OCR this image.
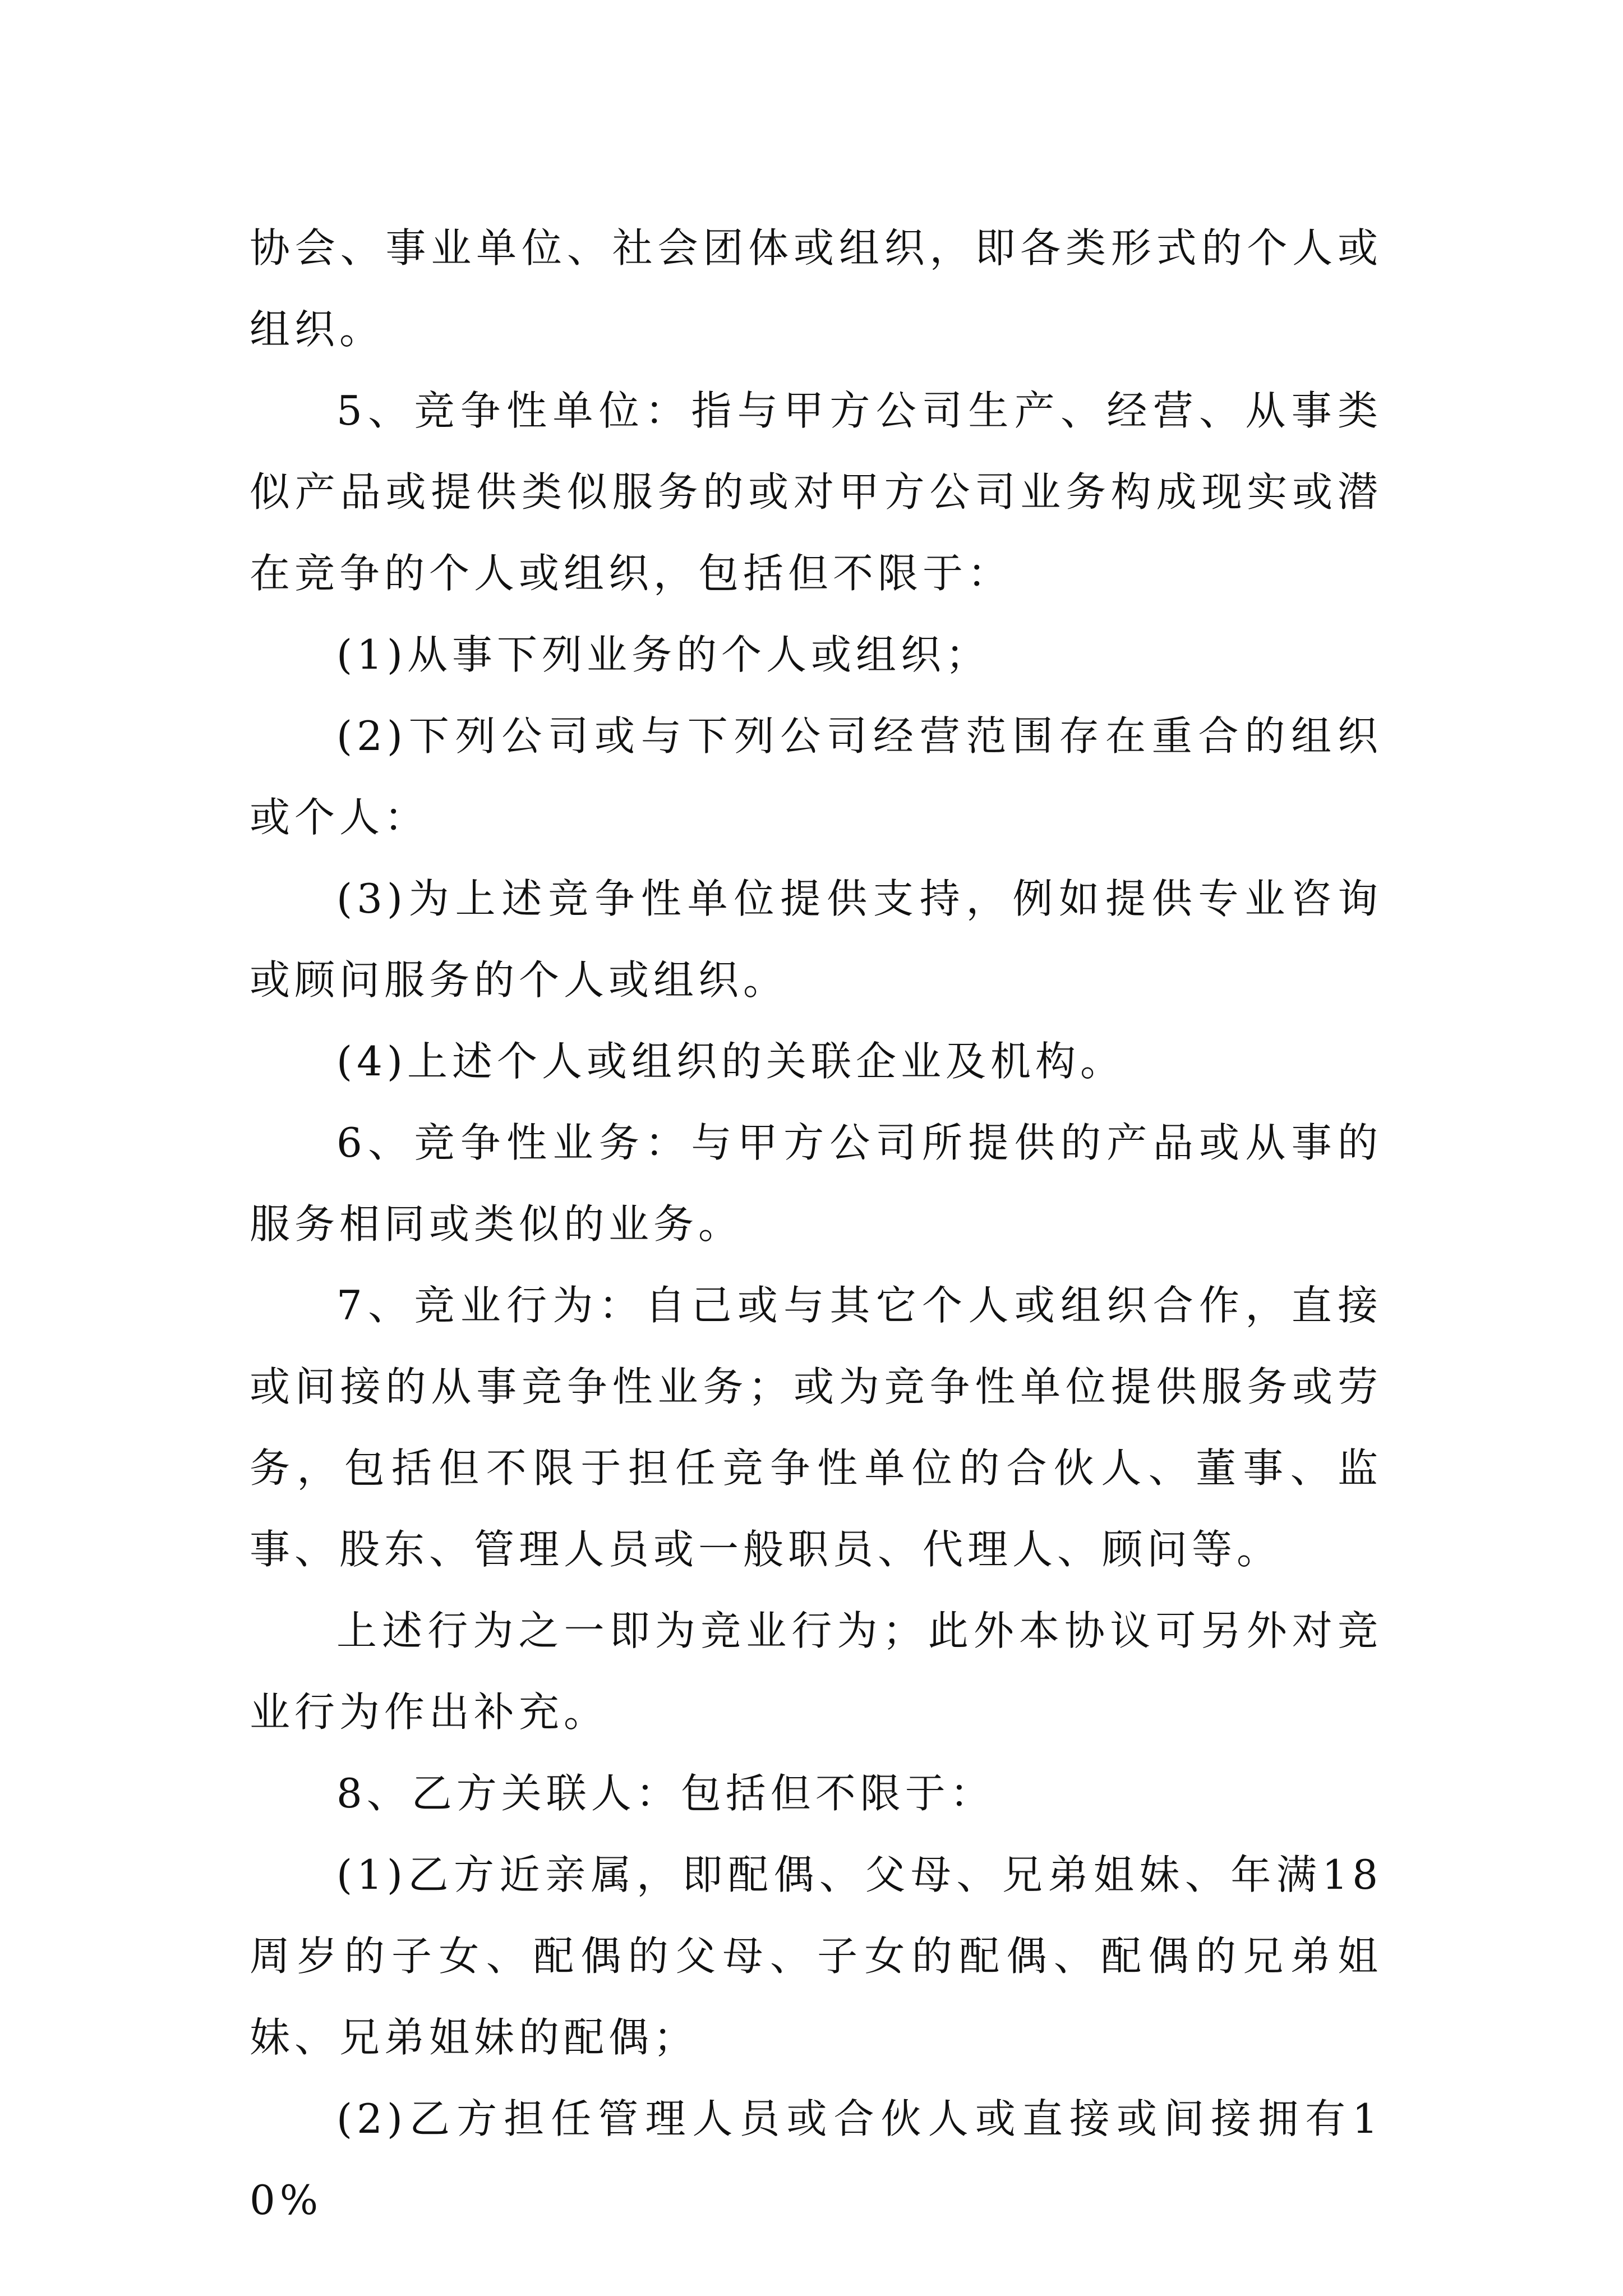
协会、事业单位、社会团体或组织，即各类形式的个人或组织。

5、竞争性单位：指与甲方公司生产、经营、从事类似产品或提供类似服务的或对甲方公司业务构成现实或潜在竞争的个人或组织，包括但不限于：

(1)从事下列业务的个人或组织；

(2)下列公司或与下列公司经营范围存在重合的组织或个人：

(3)为上述竞争性单位提供支持，例如提供专业咨询或顾问服务的个人或组织。

(4)上述个人或组织的关联企业及机构。

6、竞争性业务：与甲方公司所提供的产品或从事的服务相同或类似的业务。

7、竞业行为：自己或与其它个人或组织合作，直接或间接的从事竞争性业务；或为竞争性单位提供服务或劳务，包括但不限于担任竞争性单位的合伙人、董事、监事、股东、管理人员或一般职员、代理人、顾问等。

上述行为之一即为竞业行为；此外本协议可另外对竞业行为作出补充。

8、乙方关联人：包括但不限于：

(1)乙方近亲属，即配偶、父母、兄弟姐妹、年满18周岁的子女、配偶的父母、子女的配偶、配偶的兄弟姐妹、兄弟姐妹的配偶；

(2)乙方担任管理人员或合伙人或直接或间接拥有10%
